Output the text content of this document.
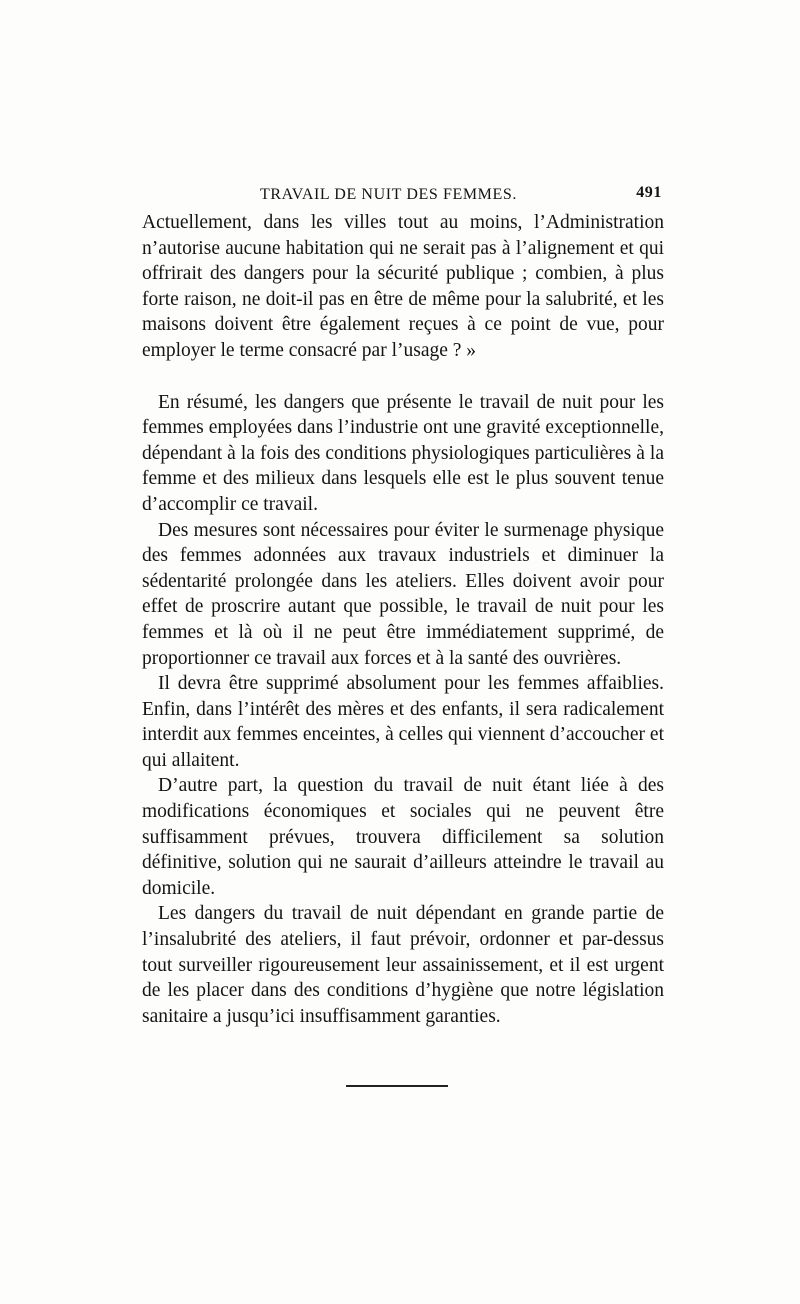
TRAVAIL DE NUIT DES FEMMES.	491

Actuellement, dans les villes tout au moins, l’Administration n’autorise aucune habitation qui ne serait pas à l’alignement et qui offrirait des dangers pour la sécurité publique ; combien, à plus forte raison, ne doit-il pas en être de même pour la salubrité, et les maisons doivent être également reçues à ce point de vue, pour employer le terme consacré par l’usage ? »

En résumé, les dangers que présente le travail de nuit pour les femmes employées dans l’industrie ont une gravité exceptionnelle, dépendant à la fois des conditions physiologiques particulières à la femme et des milieux dans lesquels elle est le plus souvent tenue d’accomplir ce travail.

Des mesures sont nécessaires pour éviter le surmenage physique des femmes adonnées aux travaux industriels et diminuer la sédentarité prolongée dans les ateliers. Elles doivent avoir pour effet de proscrire autant que possible, le travail de nuit pour les femmes et là où il ne peut être immédiatement supprimé, de proportionner ce travail aux forces et à la santé des ouvrières.

Il devra être supprimé absolument pour les femmes affaiblies. Enfin, dans l’intérêt des mères et des enfants, il sera radicalement interdit aux femmes enceintes, à celles qui viennent d’accoucher et qui allaitent.

D’autre part, la question du travail de nuit étant liée à des modifications économiques et sociales qui ne peuvent être suffisamment prévues, trouvera difficilement sa solution définitive, solution qui ne saurait d’ailleurs atteindre le travail au domicile.

Les dangers du travail de nuit dépendant en grande partie de l’insalubrité des ateliers, il faut prévoir, ordonner et par-dessus tout surveiller rigoureusement leur assainissement, et il est urgent de les placer dans des conditions d’hygiène que notre législation sanitaire a jusqu’ici insuffisamment garanties.
